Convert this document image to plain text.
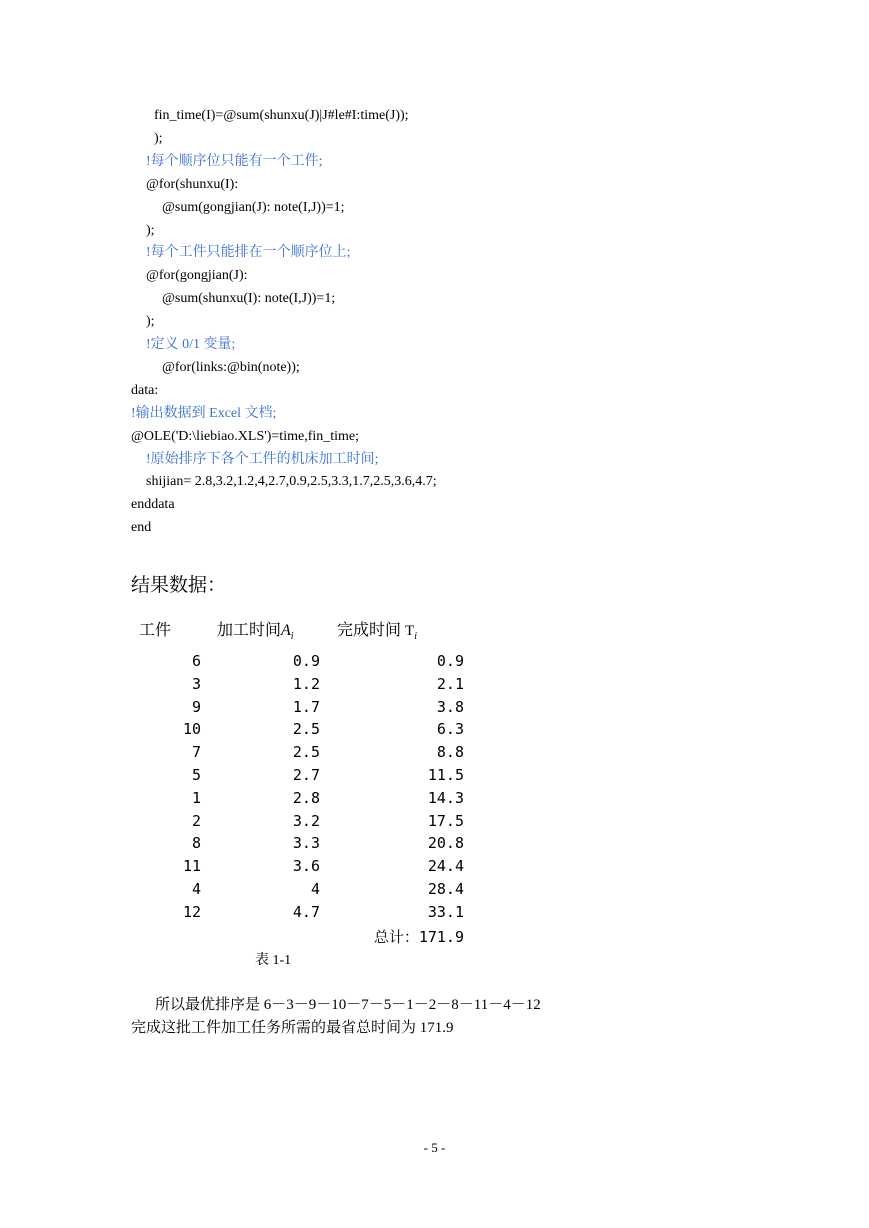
fin_time(I)=@sum(shunxu(J)|J#le#I:time(J));
);
!每个顺序位只能有一个工件;
@for(shunxu(I):
@sum(gongjian(J): note(I,J))=1;
);
!每个工件只能排在一个顺序位上;
@for(gongjian(J):
@sum(shunxu(I): note(I,J))=1;
);
!定义 0/1 变量;
@for(links:@bin(note));
data:
!输出数据到 Excel 文档;
@OLE('D:\liebiao.XLS')=time,fin_time;
!原始排序下各个工件的机床加工时间;
shijian= 2.8,3.2,1.2,4,2.7,0.9,2.5,3.3,1.7,2.5,3.6,4.7;
enddata
end
结果数据：
工件	加工时间$A_i$	完成时间 $T_i$
6	0.9	0.9
3	1.2	2.1
9	1.7	3.8
10	2.5	6.3
7	2.5	8.8
5	2.7	11.5
1	2.8	14.3
2	3.2	17.5
8	3.3	20.8
11	3.6	24.4
4	4	28.4
12	4.7	33.1
总计：171.9
表 1-1
所以最优排序是 6－3－9－10－7－5－1－2－8－11－4－12
完成这批工件加工任务所需的最省总时间为 171.9
- 5 -
